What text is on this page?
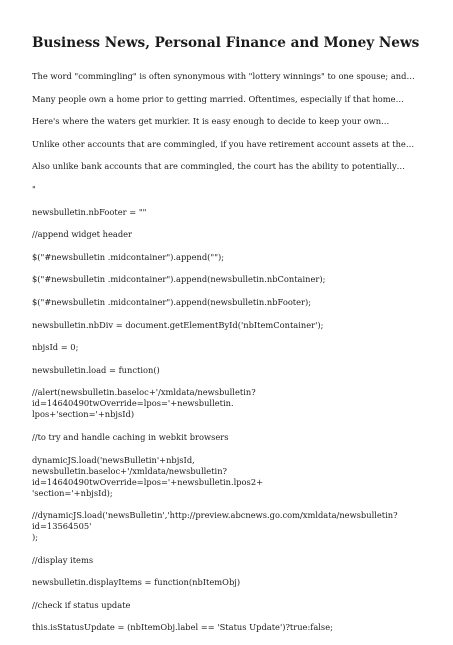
Business News, Personal Finance and Money News

The word "commingling" is often synonymous with "lottery winnings" to one spouse; and…

Many people own a home prior to getting married. Oftentimes, especially if that home…

Here's where the waters get murkier. It is easy enough to decide to keep your own…

Unlike other accounts that are commingled, if you have retirement account assets at the…

Also unlike bank accounts that are commingled, the court has the ability to potentially…

"

newsbulletin.nbFooter = ""

//append widget header

$("#newsbulletin .midcontainer").append("");

$("#newsbulletin .midcontainer").append(newsbulletin.nbContainer);

$("#newsbulletin .midcontainer").append(newsbulletin.nbFooter);

newsbulletin.nbDiv = document.getElementById('nbItemContainer');

nbjsId = 0;

newsbulletin.load = function()

//alert(newsbulletin.baseloc+'/xmldata/newsbulletin?id=14640490twOverride=lpos='+newsbulletin.
lpos+'section='+nbjsId)

//to try and handle caching in webkit browsers

dynamicJS.load('newsBulletin'+nbjsId,
newsbulletin.baseloc+'/xmldata/newsbulletin?id=14640490twOverride=lpos='+newsbulletin.lpos2+
'section='+nbjsId);

//dynamicJS.load('newsBulletin','http://preview.abcnews.go.com/xmldata/newsbulletin?id=13564505'
);

//display items

newsbulletin.displayItems = function(nbItemObj)

//check if status update

this.isStatusUpdate = (nbItemObj.label == 'Status Update')?true:false;
